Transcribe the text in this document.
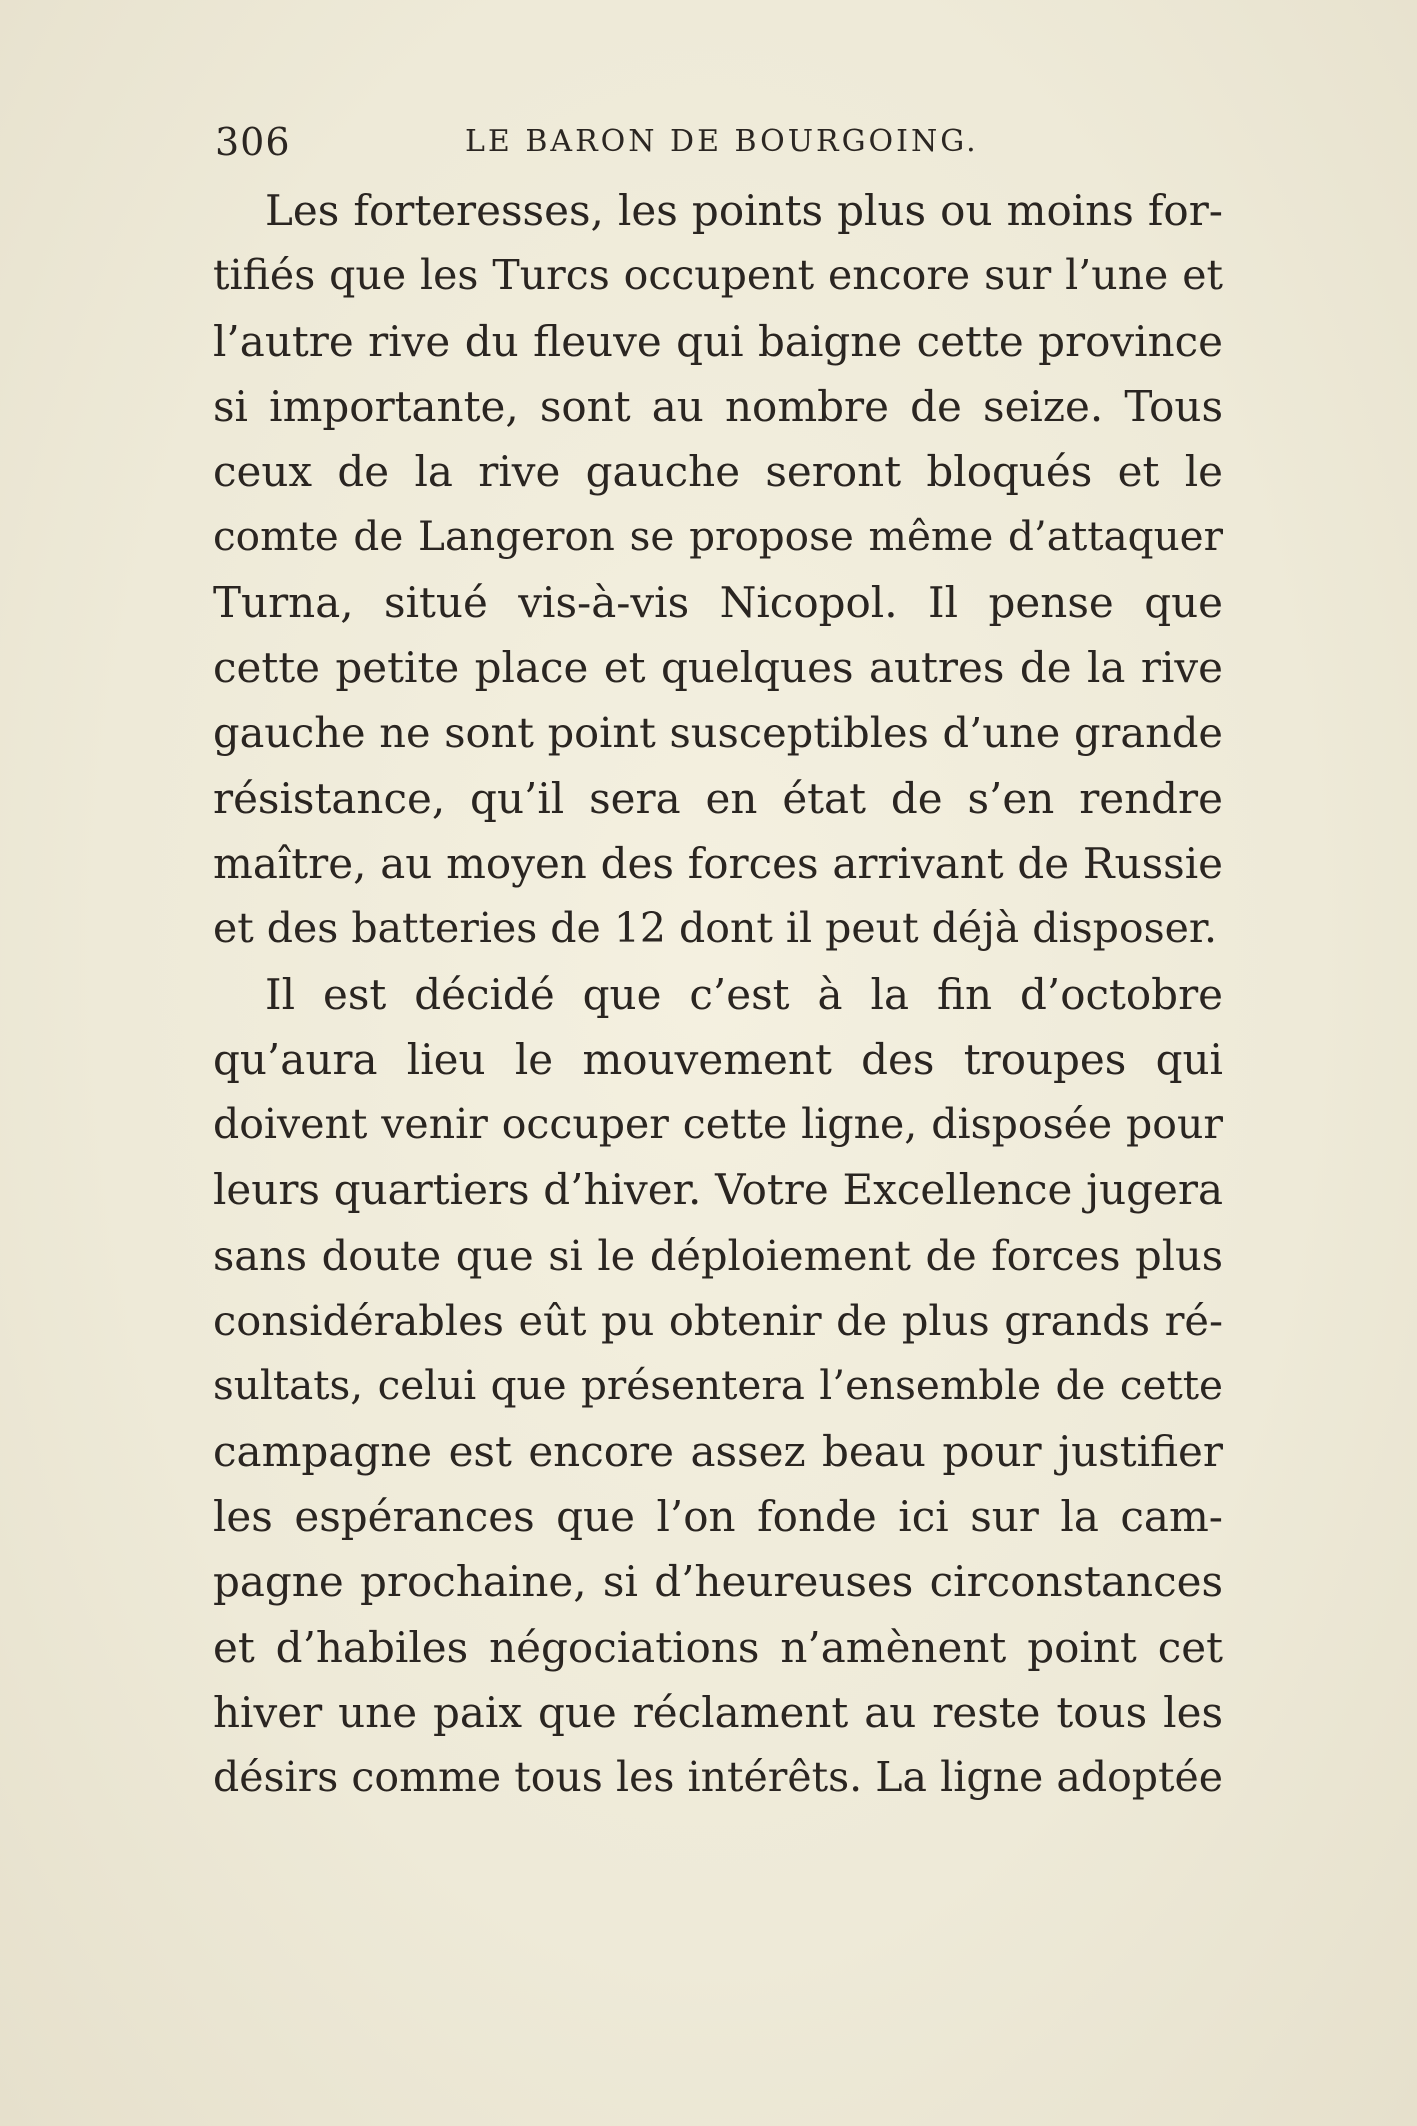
306	LE BARON DE BOURGOING.
Les forteresses, les points plus ou moins for-
tifiés que les Turcs occupent encore sur l’une et
l’autre rive du fleuve qui baigne cette province
si importante, sont au nombre de seize. Tous
ceux de la rive gauche seront bloqués et le
comte de Langeron se propose même d’attaquer
Turna, situé vis-à-vis Nicopol. Il pense que
cette petite place et quelques autres de la rive
gauche ne sont point susceptibles d’une grande
résistance, qu’il sera en état de s’en rendre
maître, au moyen des forces arrivant de Russie
et des batteries de 12 dont il peut déjà disposer.
Il est décidé que c’est à la fin d’octobre
qu’aura lieu le mouvement des troupes qui
doivent venir occuper cette ligne, disposée pour
leurs quartiers d’hiver. Votre Excellence jugera
sans doute que si le déploiement de forces plus
considérables eût pu obtenir de plus grands ré-
sultats, celui que présentera l’ensemble de cette
campagne est encore assez beau pour justifier
les espérances que l’on fonde ici sur la cam-
pagne prochaine, si d’heureuses circonstances
et d’habiles négociations n’amènent point cet
hiver une paix que réclament au reste tous les
désirs comme tous les intérêts. La ligne adoptée
